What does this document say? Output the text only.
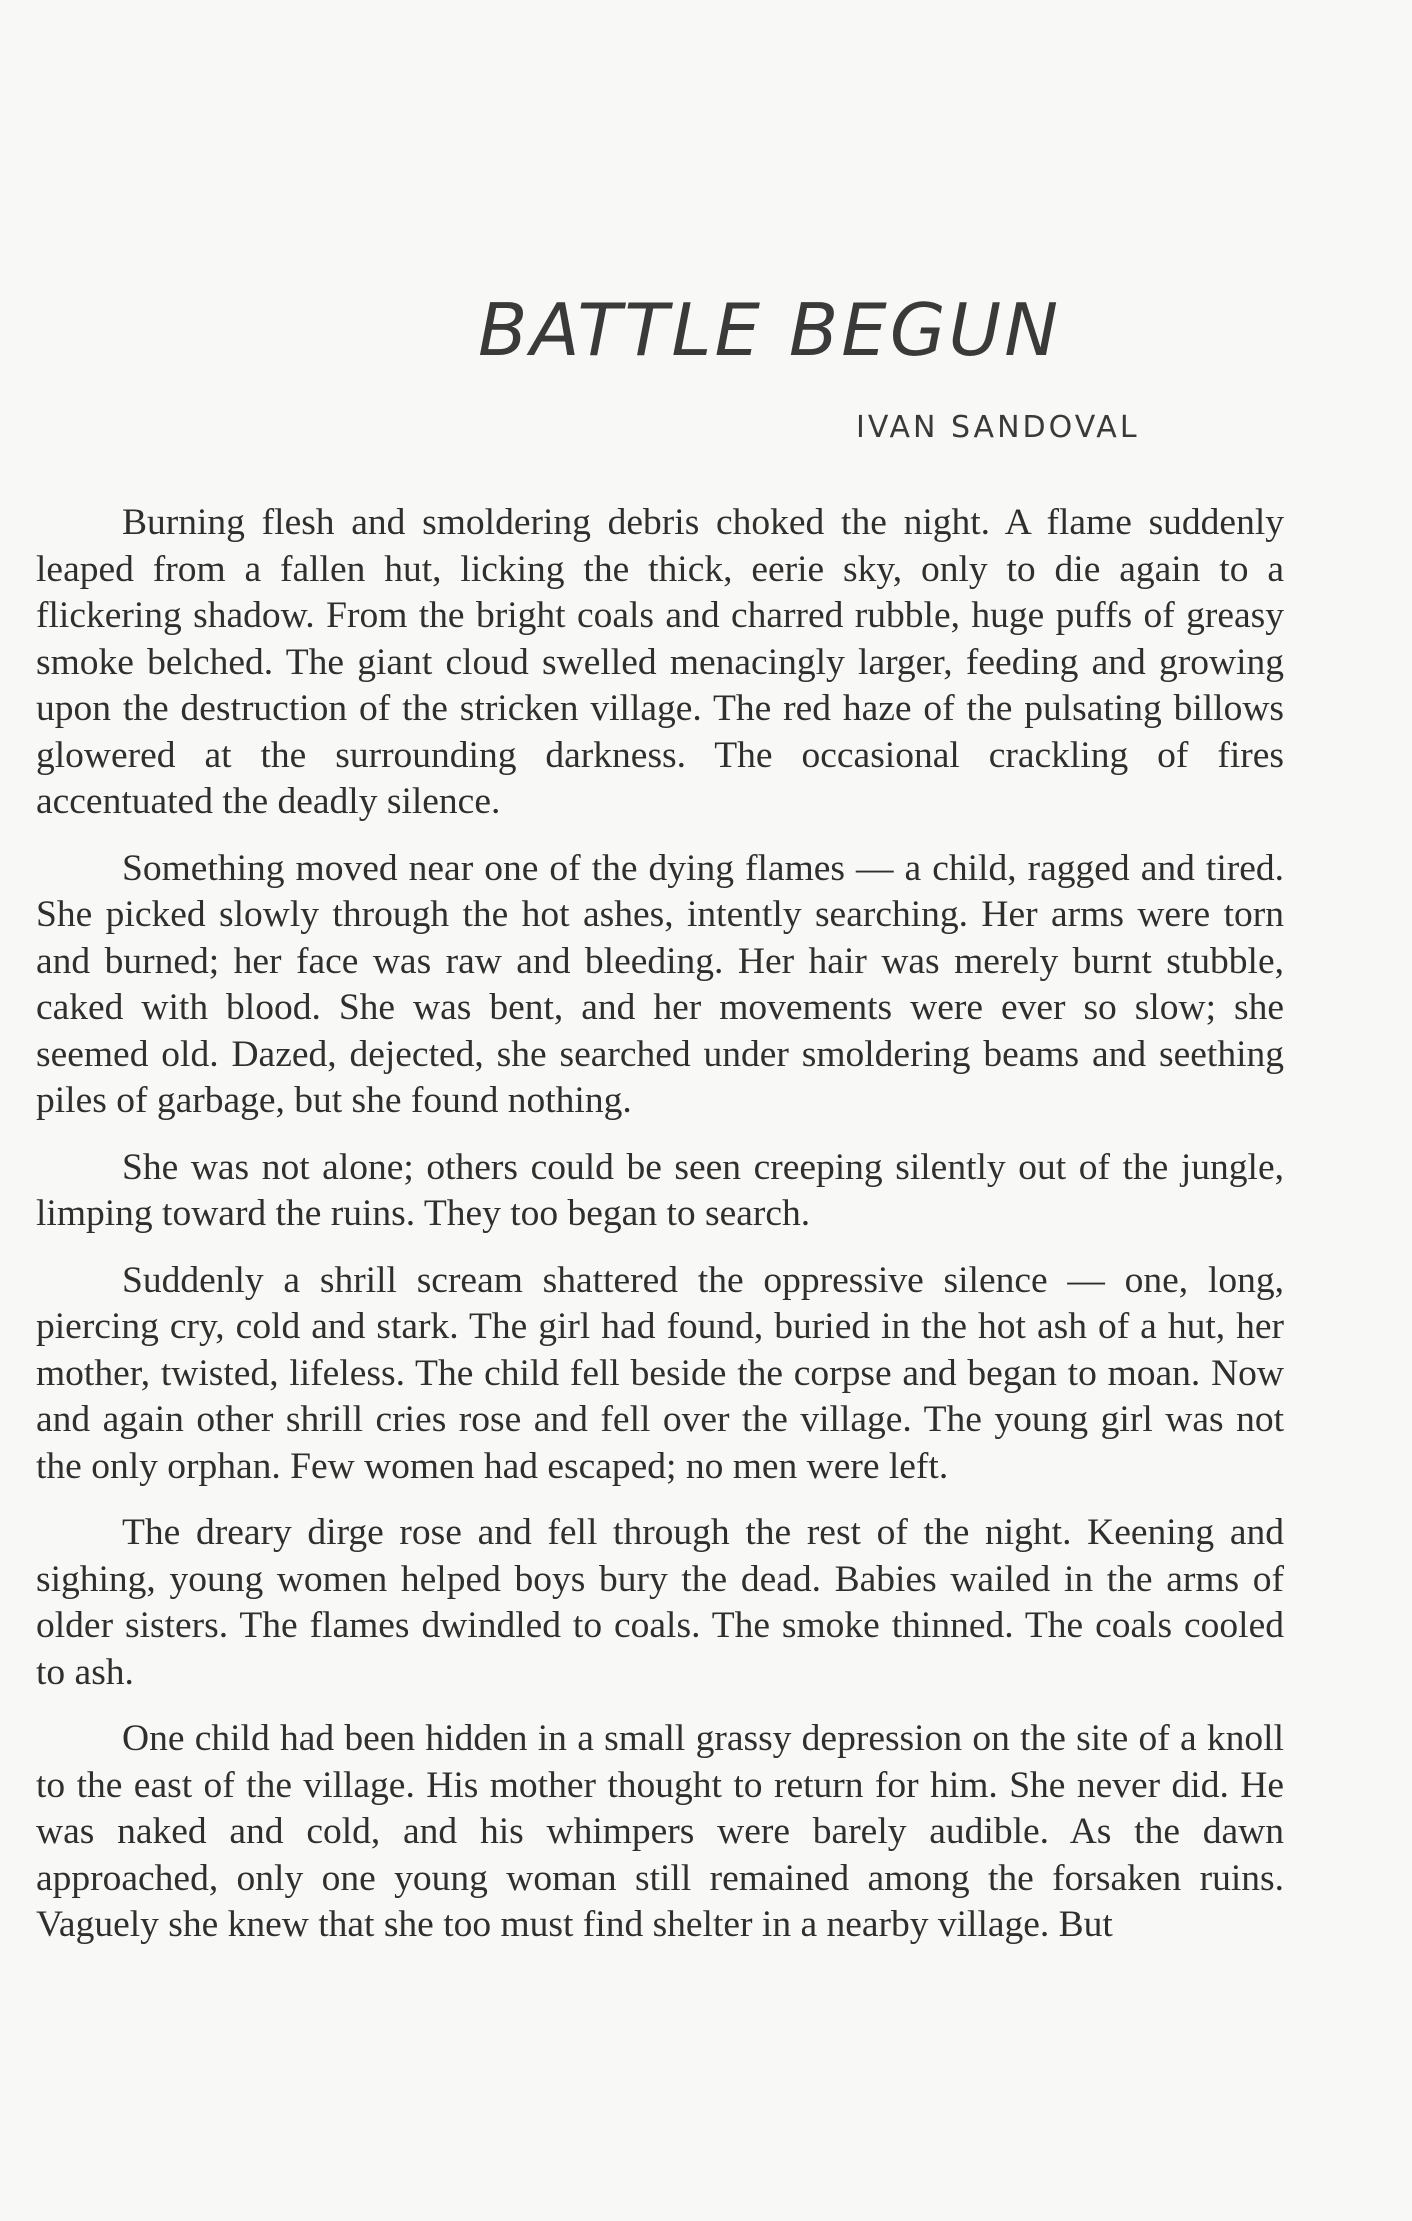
BATTLE BEGUN
IVAN SANDOVAL

Burning flesh and smoldering debris choked the night. A flame suddenly leaped from a fallen hut, licking the thick, eerie sky, only to die again to a flickering shadow. From the bright coals and charred rubble, huge puffs of greasy smoke belched. The giant cloud swelled menacingly larger, feeding and growing upon the destruction of the stricken village. The red haze of the pulsating billows glowered at the surrounding darkness. The occasional crackling of fires accentuated the deadly silence.

Something moved near one of the dying flames — a child, ragged and tired. She picked slowly through the hot ashes, intently searching. Her arms were torn and burned; her face was raw and bleeding. Her hair was merely burnt stubble, caked with blood. She was bent, and her movements were ever so slow; she seemed old. Dazed, dejected, she searched under smoldering beams and seething piles of garbage, but she found nothing.

She was not alone; others could be seen creeping silently out of the jungle, limping toward the ruins. They too began to search.

Suddenly a shrill scream shattered the oppressive silence — one, long, piercing cry, cold and stark. The girl had found, buried in the hot ash of a hut, her mother, twisted, lifeless. The child fell beside the corpse and began to moan. Now and again other shrill cries rose and fell over the village. The young girl was not the only orphan. Few women had escaped; no men were left.

The dreary dirge rose and fell through the rest of the night. Keening and sighing, young women helped boys bury the dead. Babies wailed in the arms of older sisters. The flames dwindled to coals. The smoke thinned. The coals cooled to ash.

One child had been hidden in a small grassy depression on the site of a knoll to the east of the village. His mother thought to return for him. She never did. He was naked and cold, and his whimpers were barely audible. As the dawn approached, only one young woman still remained among the forsaken ruins. Vaguely she knew that she too must find shelter in a nearby village. But
